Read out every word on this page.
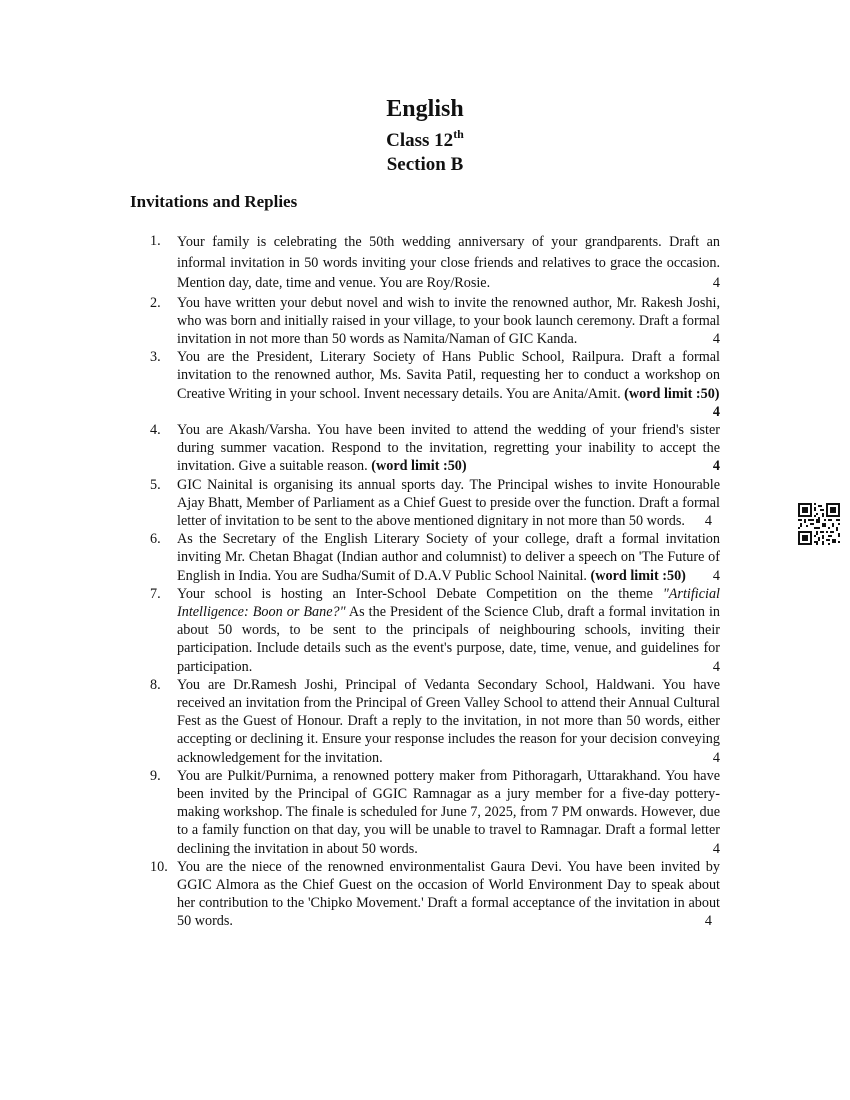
English
Class 12th
Section B
Invitations and Replies
1.	Your family is celebrating the 50th wedding anniversary of your grandparents. Draft an informal invitation in 50 words inviting your close friends and relatives to grace the occasion. Mention day, date, time and venue. You are Roy/Rosie.	4
2.	You have written your debut novel and wish to invite the renowned author, Mr. Rakesh Joshi, who was born and initially raised in your village, to your book launch ceremony. Draft a formal invitation in not more than 50 words as Namita/Naman of GIC Kanda.	4
3.	You are the President, Literary Society of Hans Public School, Railpura. Draft a formal invitation to the renowned author, Ms. Savita Patil, requesting her to conduct a workshop on Creative Writing in your school. Invent necessary details. You are Anita/Amit. (word limit :50)
4
4.	You are Akash/Varsha. You have been invited to attend the wedding of your friend's sister during summer vacation. Respond to the invitation, regretting your inability to accept the invitation. Give a suitable reason. (word limit :50)	4
5.	GIC Nainital is organising its annual sports day. The Principal wishes to invite Honourable Ajay Bhatt, Member of Parliament as a Chief Guest to preside over the function. Draft a formal letter of invitation to be sent to the above mentioned dignitary in not more than 50 words. 4
6.	As the Secretary of the English Literary Society of your college, draft a formal invitation inviting Mr. Chetan Bhagat (Indian author and columnist) to deliver a speech on 'The Future of English in India. You are Sudha/Sumit of D.A.V Public School Nainital. (word limit :50) 4
7.	Your school is hosting an Inter-School Debate Competition on the theme "Artificial Intelligence: Boon or Bane?" As the President of the Science Club, draft a formal invitation in about 50 words, to be sent to the principals of neighbouring schools, inviting their participation. Include details such as the event's purpose, date, time, venue, and guidelines for participation.	4
8.	You are Dr.Ramesh Joshi, Principal of Vedanta Secondary School, Haldwani. You have received an invitation from the Principal of Green Valley School to attend their Annual Cultural Fest as the Guest of Honour. Draft a reply to the invitation, in not more than 50 words, either accepting or declining it. Ensure your response includes the reason for your decision conveying acknowledgement for the invitation.	4
9.	You are Pulkit/Purnima, a renowned pottery maker from Pithoragarh, Uttarakhand. You have been invited by the Principal of GGIC Ramnagar as a jury member for a five-day pottery-making workshop. The finale is scheduled for June 7, 2025, from 7 PM onwards. However, due to a family function on that day, you will be unable to travel to Ramnagar. Draft a formal letter declining the invitation in about 50 words.	4
10. You are the niece of the renowned environmentalist Gaura Devi. You have been invited by GGIC Almora as the Chief Guest on the occasion of World Environment Day to speak about her contribution to the 'Chipko Movement.' Draft a formal acceptance of the invitation in about 50 words.	4
